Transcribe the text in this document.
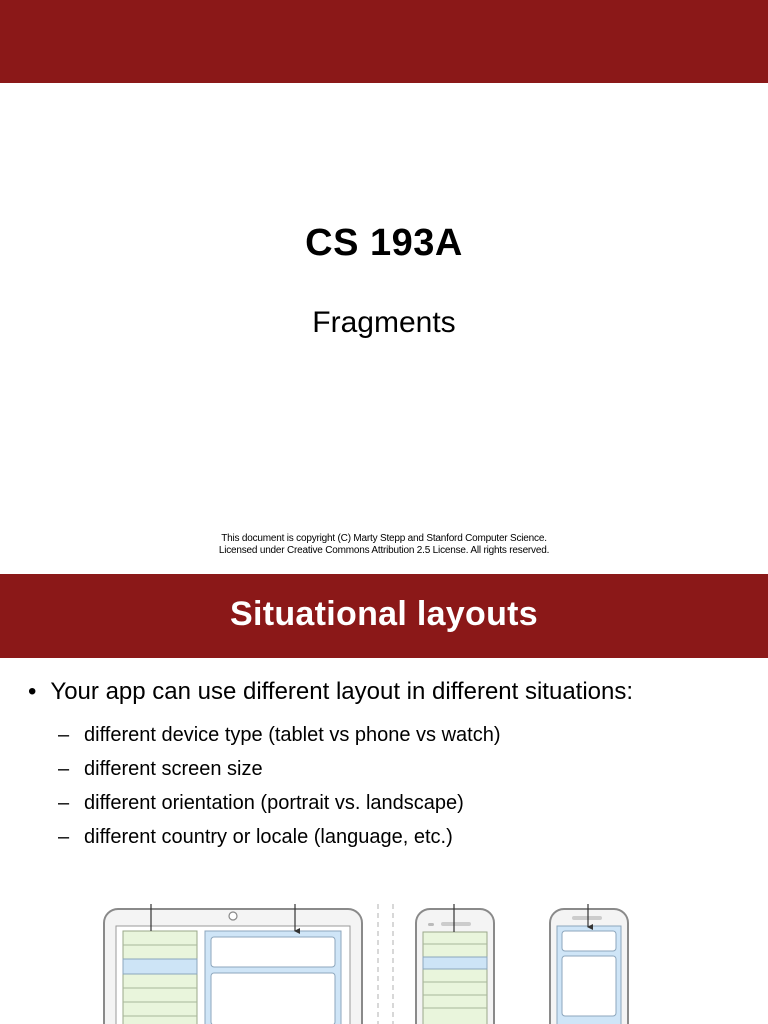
CS 193A
Fragments
This document is copyright (C) Marty Stepp and Stanford Computer Science.
Licensed under Creative Commons Attribution 2.5 License. All rights reserved.
Situational layouts
• Your app can use different layout in different situations:
– different device type (tablet vs phone vs watch)
– different screen size
– different orientation (portrait vs. landscape)
– different country or locale (language, etc.)
